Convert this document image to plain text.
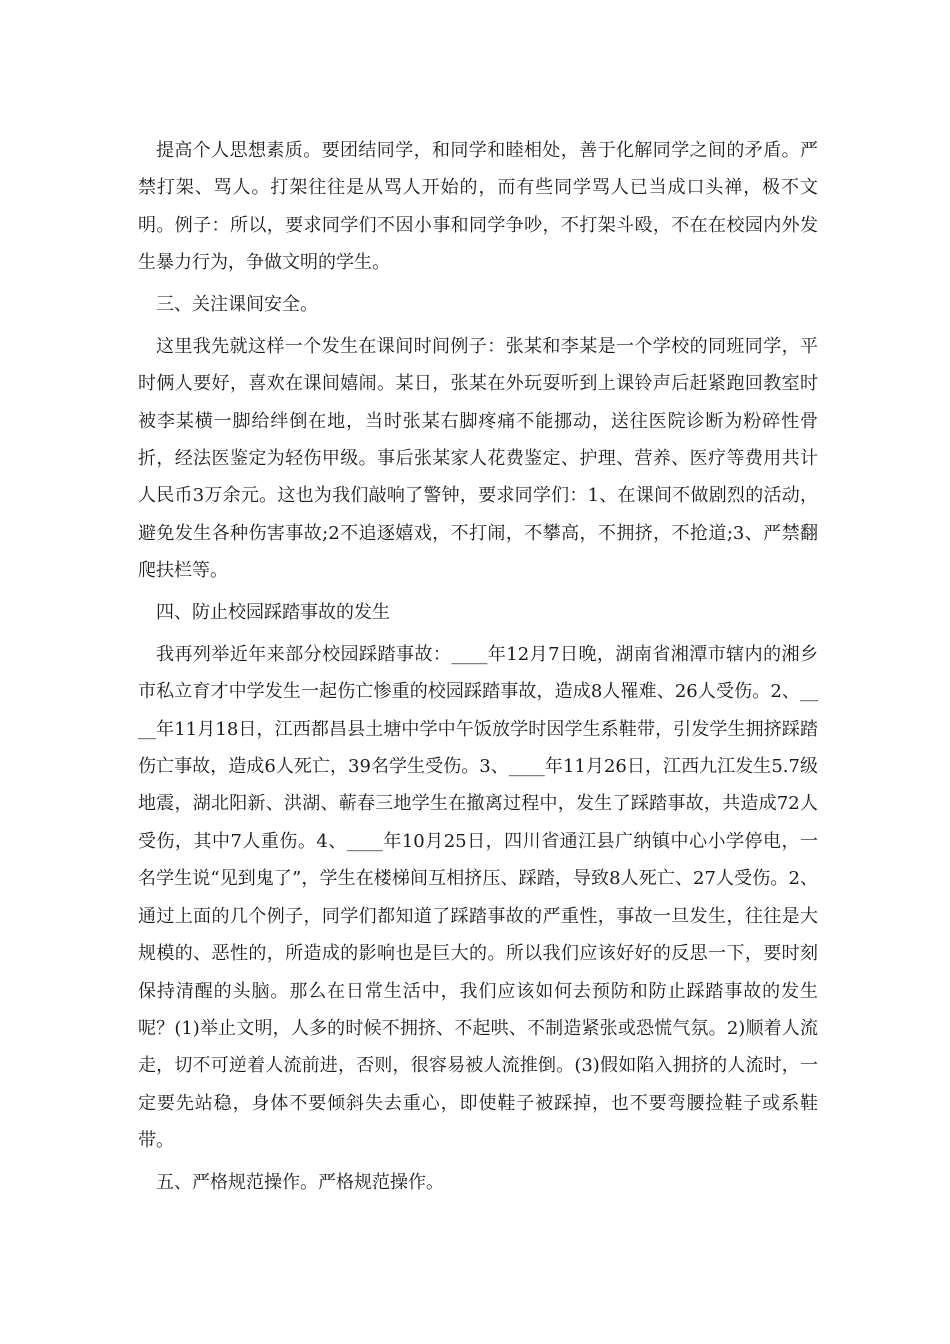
提高个人思想素质。要团结同学，和同学和睦相处，善于化解同学之间的矛盾。严禁打架、骂人。打架往往是从骂人开始的，而有些同学骂人已当成口头禅，极不文明。例子：所以，要求同学们不因小事和同学争吵，不打架斗殴，不在在校园内外发生暴力行为，争做文明的学生。

三、关注课间安全。

这里我先就这样一个发生在课间时间例子：张某和李某是一个学校的同班同学，平时俩人要好，喜欢在课间嬉闹。某日，张某在外玩耍听到上课铃声后赶紧跑回教室时被李某横一脚给绊倒在地，当时张某右脚疼痛不能挪动，送往医院诊断为粉碎性骨折，经法医鉴定为轻伤甲级。事后张某家人花费鉴定、护理、营养、医疗等费用共计人民币3万余元。这也为我们敲响了警钟，要求同学们：1、在课间不做剧烈的活动，避免发生各种伤害事故;2不追逐嬉戏，不打闹，不攀高，不拥挤，不抢道;3、严禁翻爬扶栏等。

四、防止校园踩踏事故的发生

我再列举近年来部分校园踩踏事故：____年12月7日晚，湖南省湘潭市辖内的湘乡市私立育才中学发生一起伤亡惨重的校园踩踏事故，造成8人罹难、26人受伤。2、____年11月18日，江西都昌县土塘中学中午饭放学时因学生系鞋带，引发学生拥挤踩踏伤亡事故，造成6人死亡，39名学生受伤。3、____年11月26日，江西九江发生5.7级地震，湖北阳新、洪湖、蕲春三地学生在撤离过程中，发生了踩踏事故，共造成72人受伤，其中7人重伤。4、____年10月25日，四川省通江县广纳镇中心小学停电，一名学生说“见到鬼了”，学生在楼梯间互相挤压、踩踏，导致8人死亡、27人受伤。2、通过上面的几个例子，同学们都知道了踩踏事故的严重性，事故一旦发生，往往是大规模的、恶性的，所造成的影响也是巨大的。所以我们应该好好的反思一下，要时刻保持清醒的头脑。那么在日常生活中，我们应该如何去预防和防止踩踏事故的发生呢？(1)举止文明，人多的时候不拥挤、不起哄、不制造紧张或恐慌气氛。2)顺着人流走，切不可逆着人流前进，否则，很容易被人流推倒。(3)假如陷入拥挤的人流时，一定要先站稳，身体不要倾斜失去重心，即使鞋子被踩掉，也不要弯腰捡鞋子或系鞋带。

五、严格规范操作。严格规范操作。
